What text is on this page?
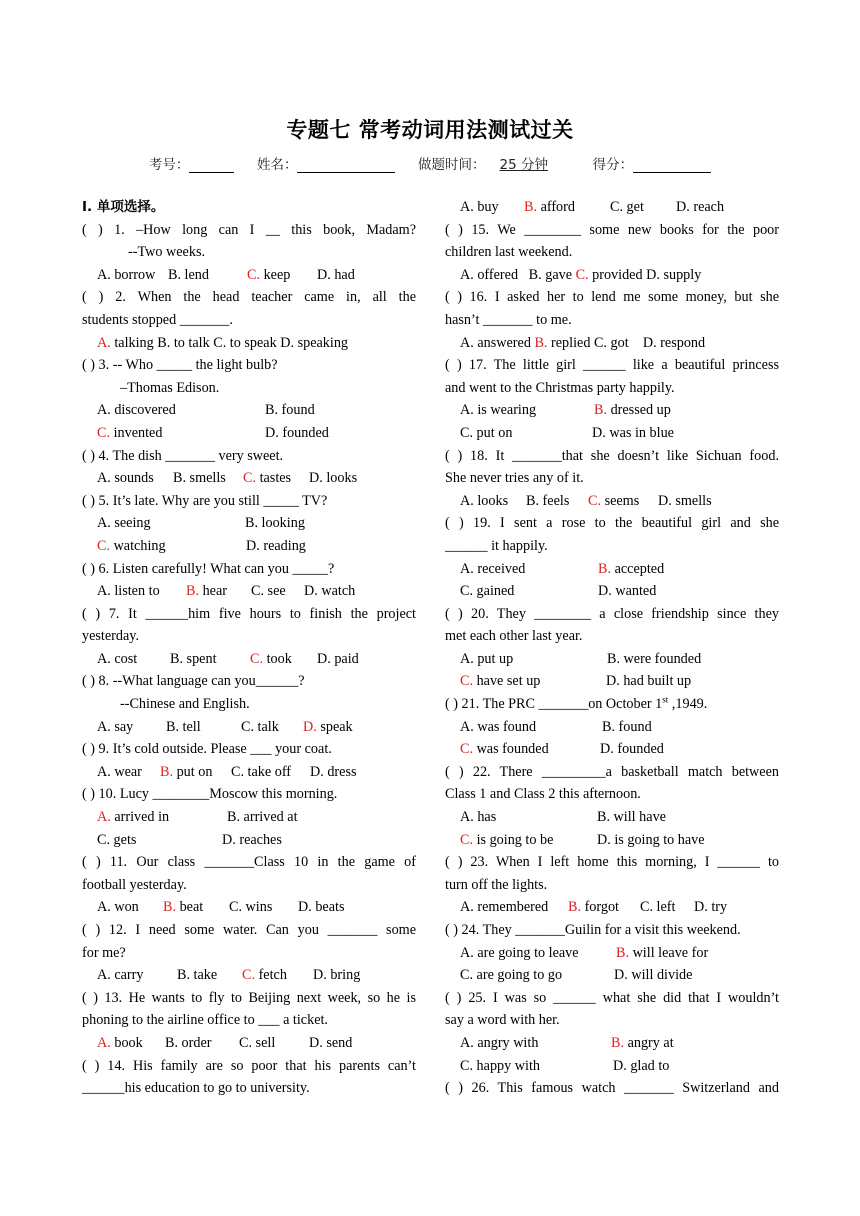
专题七 常考动词用法测试过关
考号：	姓名：	做题时间： 25 分钟	得分：
I. 单项选择。
( ) 1. –How long can I __ this book, Madam?
--Two weeks.
A. borrow B. lend	C. keep D. had
( ) 2. When the head teacher came in, all the
students stopped _______.
A. talking B. to talk C. to speak D. speaking
( ) 3. -- Who _____ the light bulb?
–Thomas Edison.
A. discovered	B. found
C. invented	D. founded
( ) 4. The dish _______ very sweet.
A. sounds B. smells C. tastes D. looks
( ) 5. It’s late. Why are you still _____ TV?
A. seeing	B. looking
C. watching	D. reading
( ) 6. Listen carefully! What can you _____?
A. listen to B. hear C. see D. watch
( ) 7. It ______him five hours to finish the project
yesterday.
A. cost B. spent C. took D. paid
( ) 8. --What language can you______?
--Chinese and English.
A. say B. tell	C. talk D. speak
( ) 9. It’s cold outside. Please ___ your coat.
A. wear B. put on C. take off D. dress
( ) 10. Lucy ________Moscow this morning.
A. arrived in	B. arrived at
C. gets	D. reaches
( ) 11. Our class _______Class 10 in the game of
football yesterday.
A. won B. beat C. wins D. beats
( ) 12. I need some water. Can you _______ some
for me?
A. carry B. take C. fetch D. bring
( ) 13. He wants to fly to Beijing next week, so he is
phoning to the airline office to ___ a ticket.
A. book B. order C. sell D. send
( ) 14. His family are so poor that his parents can’t
______his education to go to university.
A. buy B. afford C. get D. reach
( ) 15. We ________ some new books for the poor
children last weekend.
A. offered   B. gave C. provided D. supply
( ) 16. I asked her to lend me some money, but she
hasn’t _______ to me.
A. answered B. replied C. got    D. respond
( ) 17. The little girl ______ like a beautiful princess
and went to the Christmas party happily.
A. is wearing	B. dressed up
C. put on	D. was in blue
( ) 18. It _______that she doesn’t like Sichuan food.
She never tries any of it.
A. looks B. feels C. seems D. smells
( ) 19. I sent a rose to the beautiful girl and she
______ it happily.
A. received	B. accepted
C. gained	D. wanted
( ) 20. They ________ a close friendship since they
met each other last year.
A. put up	B. were founded
C. have set up	D. had built up
( ) 21. The PRC _______on October 1st ,1949.
A. was found	B. found
C. was founded	D. founded
( ) 22. There _________a basketball match between
Class 1 and Class 2 this afternoon.
A. has	B. will have
C. is going to be	D. is going to have
( ) 23. When I left home this morning, I ______ to
turn off the lights.
A. remembered B. forgot C. left D. try
( ) 24. They _______Guilin for a visit this weekend.
A. are going to leave	B. will leave for
C. are going to go	D. will divide
( ) 25. I was so ______ what she did that I wouldn’t
say a word with her.
A. angry with	B. angry at
C. happy with	D. glad to
( ) 26. This famous watch _______ Switzerland and
